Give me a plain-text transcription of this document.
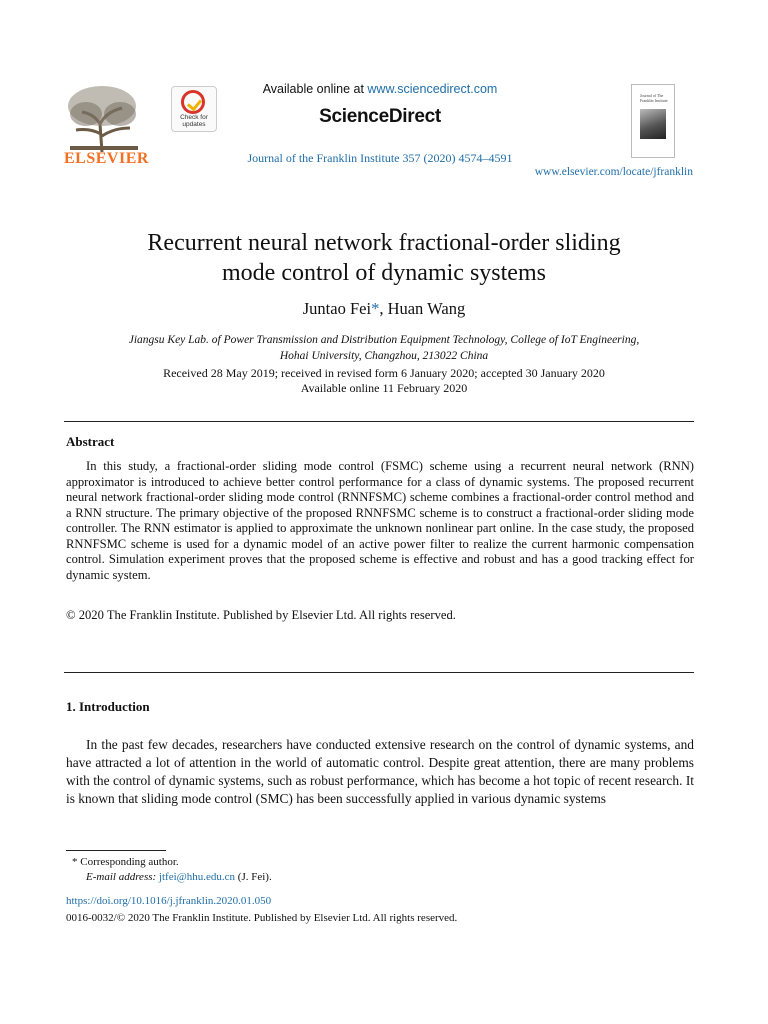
ELSEVIER
Check for updates
Available online at www.sciencedirect.com
ScienceDirect
Journal of the Franklin Institute 357 (2020) 4574–4591
www.elsevier.com/locate/jfranklin
Journal of The Franklin Institute
Recurrent neural network fractional-order sliding
mode control of dynamic systems
Juntao Fei*, Huan Wang
Jiangsu Key Lab. of Power Transmission and Distribution Equipment Technology, College of IoT Engineering,
Hohai University, Changzhou, 213022 China
Received 28 May 2019; received in revised form 6 January 2020; accepted 30 January 2020
Available online 11 February 2020
Abstract
In this study, a fractional-order sliding mode control (FSMC) scheme using a recurrent neural network (RNN) approximator is introduced to achieve better control performance for a class of dynamic systems. The proposed recurrent neural network fractional-order sliding mode control (RNNFSMC) scheme combines a fractional-order control method and a RNN structure. The primary objective of the proposed RNNFSMC scheme is to construct a fractional-order sliding mode controller. The RNN estimator is applied to approximate the unknown nonlinear part online. In the case study, the proposed RNNFSMC scheme is used for a dynamic model of an active power filter to realize the current harmonic compensation control. Simulation experiment proves that the proposed scheme is effective and robust and has a good tracking effect for dynamic system.
© 2020 The Franklin Institute. Published by Elsevier Ltd. All rights reserved.
1. Introduction
In the past few decades, researchers have conducted extensive research on the control of dynamic systems, and have attracted a lot of attention in the world of automatic control. Despite great attention, there are many problems with the control of dynamic systems, such as robust performance, which has become a hot topic of recent research. It is known that sliding mode control (SMC) has been successfully applied in various dynamic systems
* Corresponding author.
E-mail address: jtfei@hhu.edu.cn (J. Fei).
https://doi.org/10.1016/j.jfranklin.2020.01.050
0016-0032/© 2020 The Franklin Institute. Published by Elsevier Ltd. All rights reserved.
